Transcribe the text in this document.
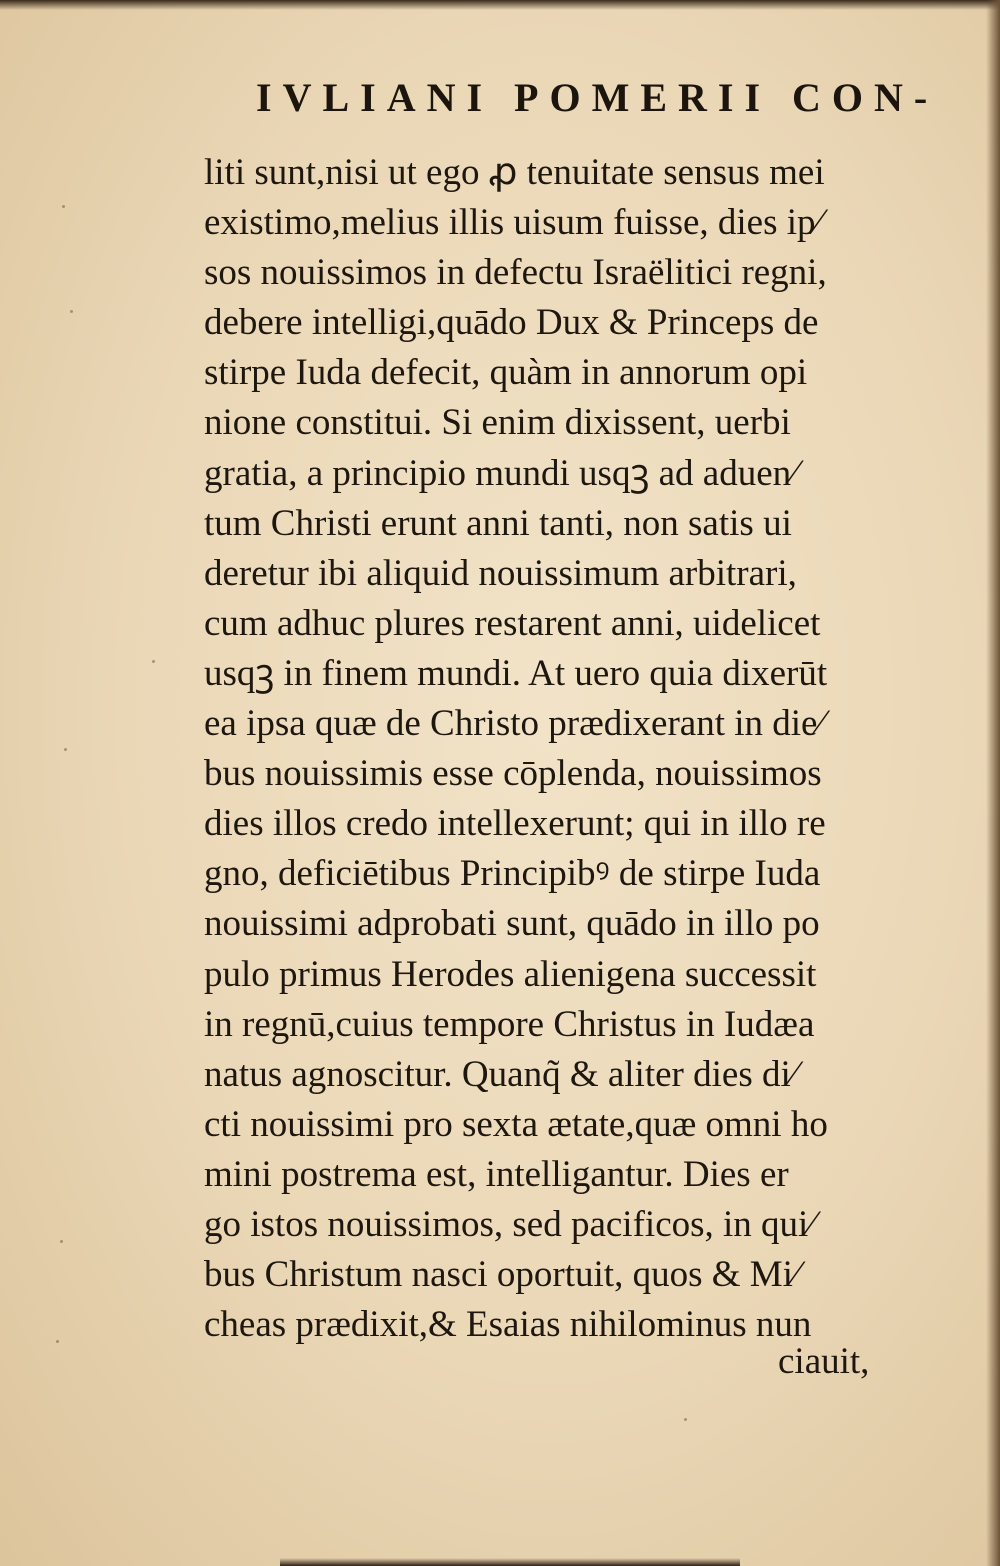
IVLIANI POMERII CON-
liti sunt,nisi ut ego ꝓ tenuitate sensus mei
existimo,melius illis uisum fuisse, dies ip⁄
sos nouissimos in defectu Israëlitici regni,
debere intelligi,quādo Dux & Princeps de
stirpe Iuda defecit, quàm in annorum opi
nione constitui. Si enim dixissent, uerbi
gratia, a principio mundi usqꝫ ad aduen⁄
tum Christi erunt anni tanti, non satis ui
deretur ibi aliquid nouissimum arbitrari,
cum adhuc plures restarent anni, uidelicet
usqꝫ in finem mundi. At uero quia dixerūt
ea ipsa quæ de Christo prædixerant in die⁄
bus nouissimis esse cōplenda, nouissimos
dies illos credo intellexerunt; qui in illo re
gno, deficiētibus Principibꝰ de stirpe Iuda
nouissimi adprobati sunt, quādo in illo po
pulo primus Herodes alienigena successit
in regnū,cuius tempore Christus in Iudæa
natus agnoscitur. Quanq̃ & aliter dies di⁄
cti nouissimi pro sexta ætate,quæ omni ho
mini postrema est, intelligantur. Dies er
go istos nouissimos, sed pacificos, in qui⁄
bus Christum nasci oportuit, quos & Mi⁄
cheas prædixit,& Esaias nihilominus nun
ciauit,
